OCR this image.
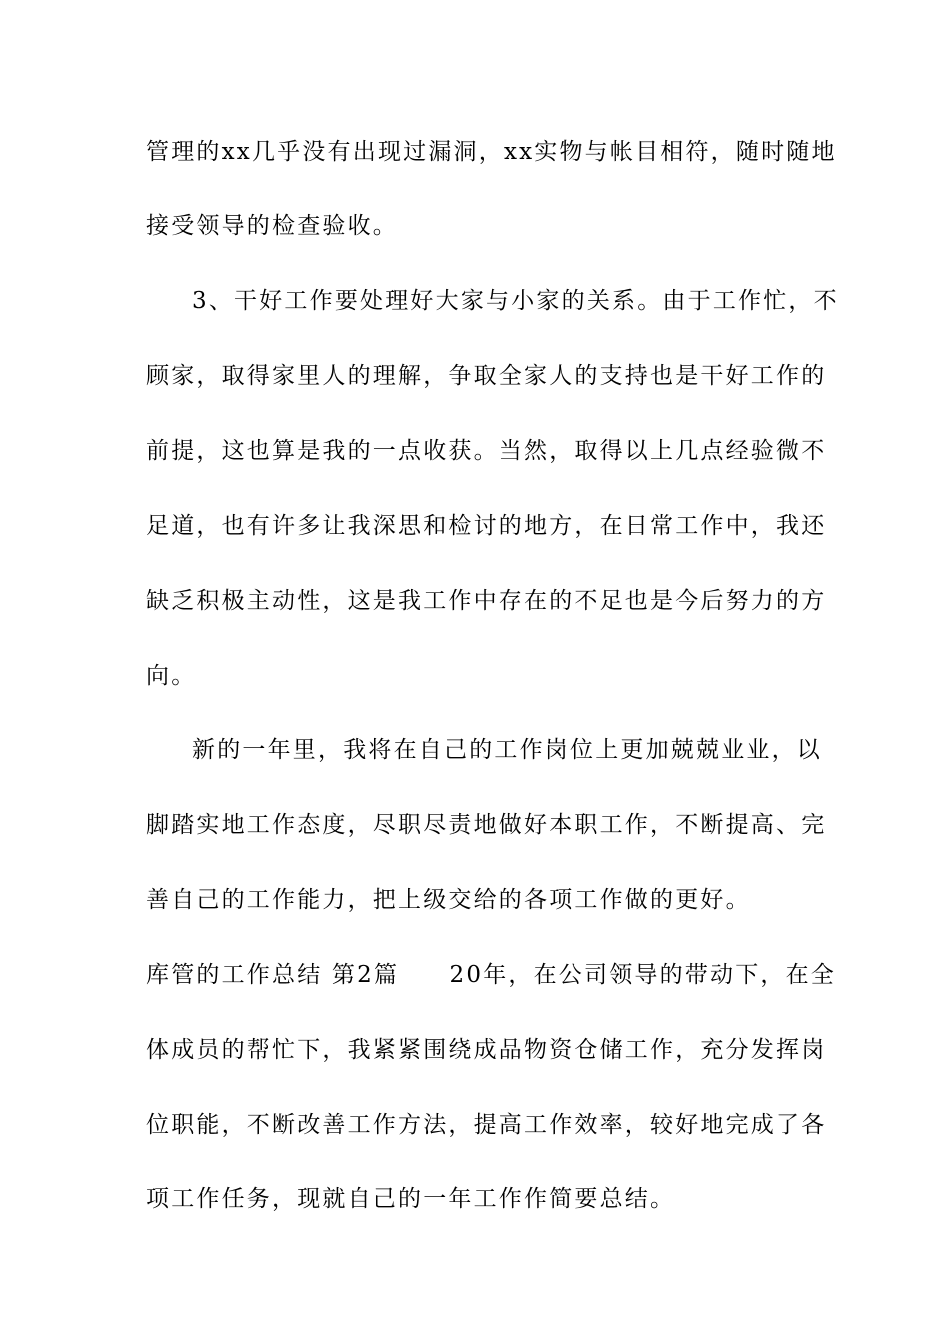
管理的xx几乎没有出现过漏洞，xx实物与帐目相符，随时随地
接受领导的检查验收。
3、干好工作要处理好大家与小家的关系。由于工作忙，不
顾家，取得家里人的理解，争取全家人的支持也是干好工作的
前提，这也算是我的一点收获。当然，取得以上几点经验微不
足道，也有许多让我深思和检讨的地方，在日常工作中，我还
缺乏积极主动性，这是我工作中存在的不足也是今后努力的方
向。
新的一年里，我将在自己的工作岗位上更加兢兢业业，以
脚踏实地工作态度，尽职尽责地做好本职工作，不断提高、完
善自己的工作能力，把上级交给的各项工作做的更好。
库管的工作总结 第2篇　　20年，在公司领导的带动下，在全
体成员的帮忙下，我紧紧围绕成品物资仓储工作，充分发挥岗
位职能，不断改善工作方法，提高工作效率，较好地完成了各
项工作任务，现就自己的一年工作作简要总结。
